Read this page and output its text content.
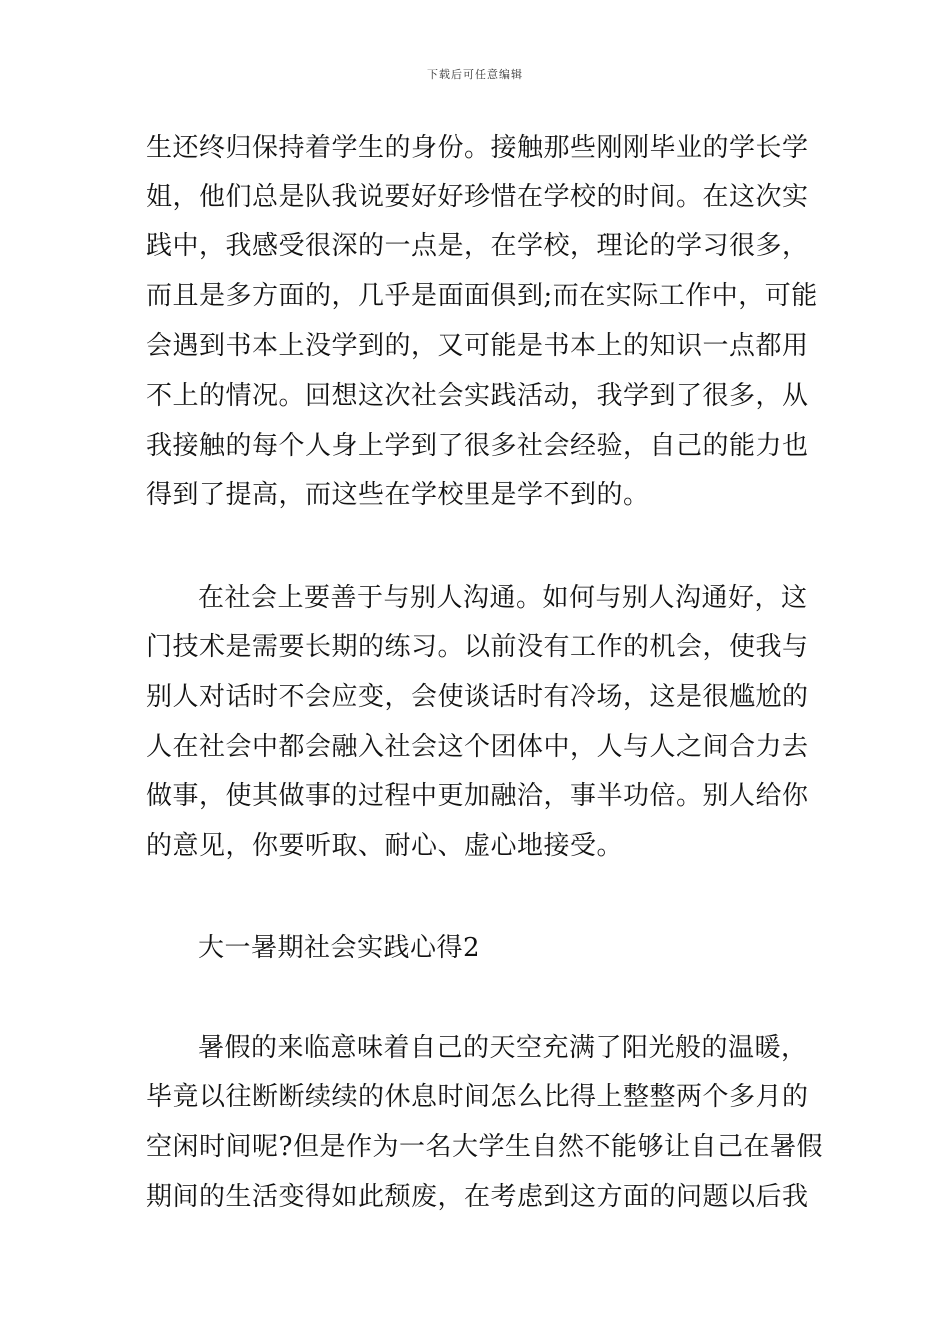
下载后可任意编辑
生还终归保持着学生的身份。接触那些刚刚毕业的学长学
姐，他们总是队我说要好好珍惜在学校的时间。在这次实
践中，我感受很深的一点是，在学校，理论的学习很多，
而且是多方面的，几乎是面面俱到;而在实际工作中，可能
会遇到书本上没学到的，又可能是书本上的知识一点都用
不上的情况。回想这次社会实践活动，我学到了很多，从
我接触的每个人身上学到了很多社会经验，自己的能力也
得到了提高，而这些在学校里是学不到的。
在社会上要善于与别人沟通。如何与别人沟通好，这
门技术是需要长期的练习。以前没有工作的机会，使我与
别人对话时不会应变，会使谈话时有冷场，这是很尴尬的
人在社会中都会融入社会这个团体中，人与人之间合力去
做事，使其做事的过程中更加融洽，事半功倍。别人给你
的意见，你要听取、耐心、虚心地接受。
大一暑期社会实践心得2
暑假的来临意味着自己的天空充满了阳光般的温暖，
毕竟以往断断续续的休息时间怎么比得上整整两个多月的
空闲时间呢?但是作为一名大学生自然不能够让自己在暑假
期间的生活变得如此颓废，在考虑到这方面的问题以后我
